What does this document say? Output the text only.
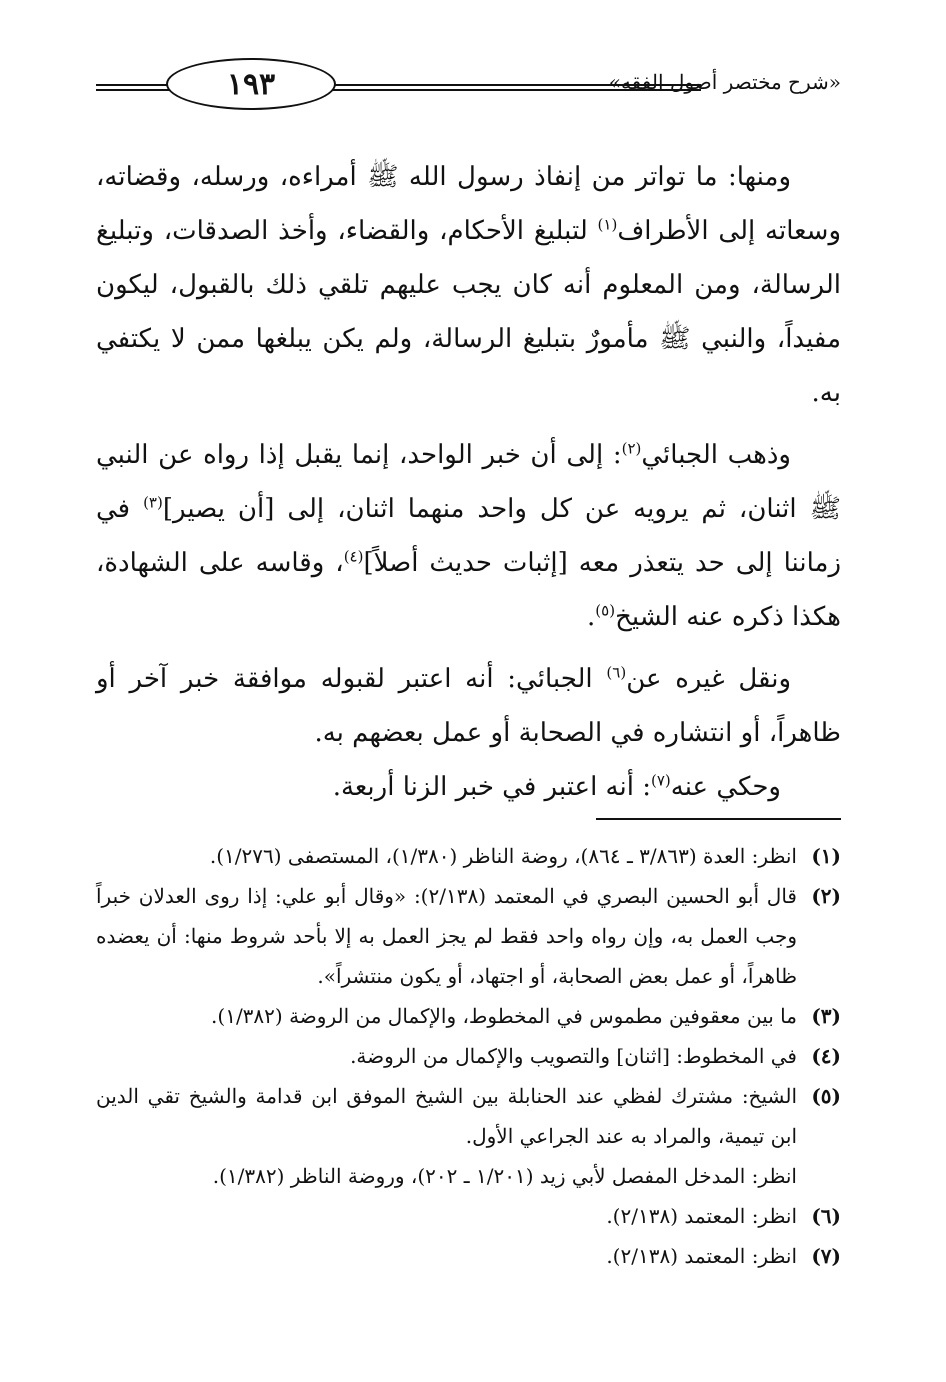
١٩٣	«شرح مختصر أصول الفقه»

ومنها: ما تواتر من إنفاذ رسول الله ﷺ أمراءه، ورسله، وقضاته، وسعاته إلى الأطراف$^{(١)}$ لتبليغ الأحكام، والقضاء، وأخذ الصدقات، وتبليغ الرسالة، ومن المعلوم أنه كان يجب عليهم تلقي ذلك بالقبول، ليكون مفيداً، والنبي ﷺ مأمورٌ بتبليغ الرسالة، ولم يكن يبلغها ممن لا يكتفي به.

وذهب الجبائي$^{(٢)}$: إلى أن خبر الواحد، إنما يقبل إذا رواه عن النبي ﷺ اثنان، ثم يرويه عن كل واحد منهما اثنان، إلى [أن يصير]$^{(٣)}$ في زماننا إلى حد يتعذر معه [إثبات حديث أصلاً]$^{(٤)}$، وقاسه على الشهادة، هكذا ذكره عنه الشيخ$^{(٥)}$.

ونقل غيره عن$^{(٦)}$ الجبائي: أنه اعتبر لقبوله موافقة خبر آخر أو ظاهراً، أو انتشاره في الصحابة أو عمل بعضهم به.

وحكي عنه$^{(٧)}$: أنه اعتبر في خبر الزنا أربعة.

(١)
انظر: العدة (٣/٨٦٣ ـ ٨٦٤)، روضة الناظر (١/٣٨٠)، المستصفى (١/٢٧٦).
(٢)
قال أبو الحسين البصري في المعتمد (٢/١٣٨): «وقال أبو علي: إذا روى العدلان خبراً وجب العمل به، وإن رواه واحد فقط لم يجز العمل به إلا بأحد شروط منها: أن يعضده ظاهراً، أو عمل بعض الصحابة، أو اجتهاد، أو يكون منتشراً».
(٣)
ما بين معقوفين مطموس في المخطوط، والإكمال من الروضة (١/٣٨٢).
(٤)
في المخطوط: [اثنان] والتصويب والإكمال من الروضة.
(٥)
الشيخ: مشترك لفظي عند الحنابلة بين الشيخ الموفق ابن قدامة والشيخ تقي الدين ابن تيمية، والمراد به عند الجراعي الأول.
انظر: المدخل المفصل لأبي زيد (١/٢٠١ ـ ٢٠٢)، وروضة الناظر (١/٣٨٢).
(٦)
انظر: المعتمد (٢/١٣٨).
(٧)
انظر: المعتمد (٢/١٣٨).
